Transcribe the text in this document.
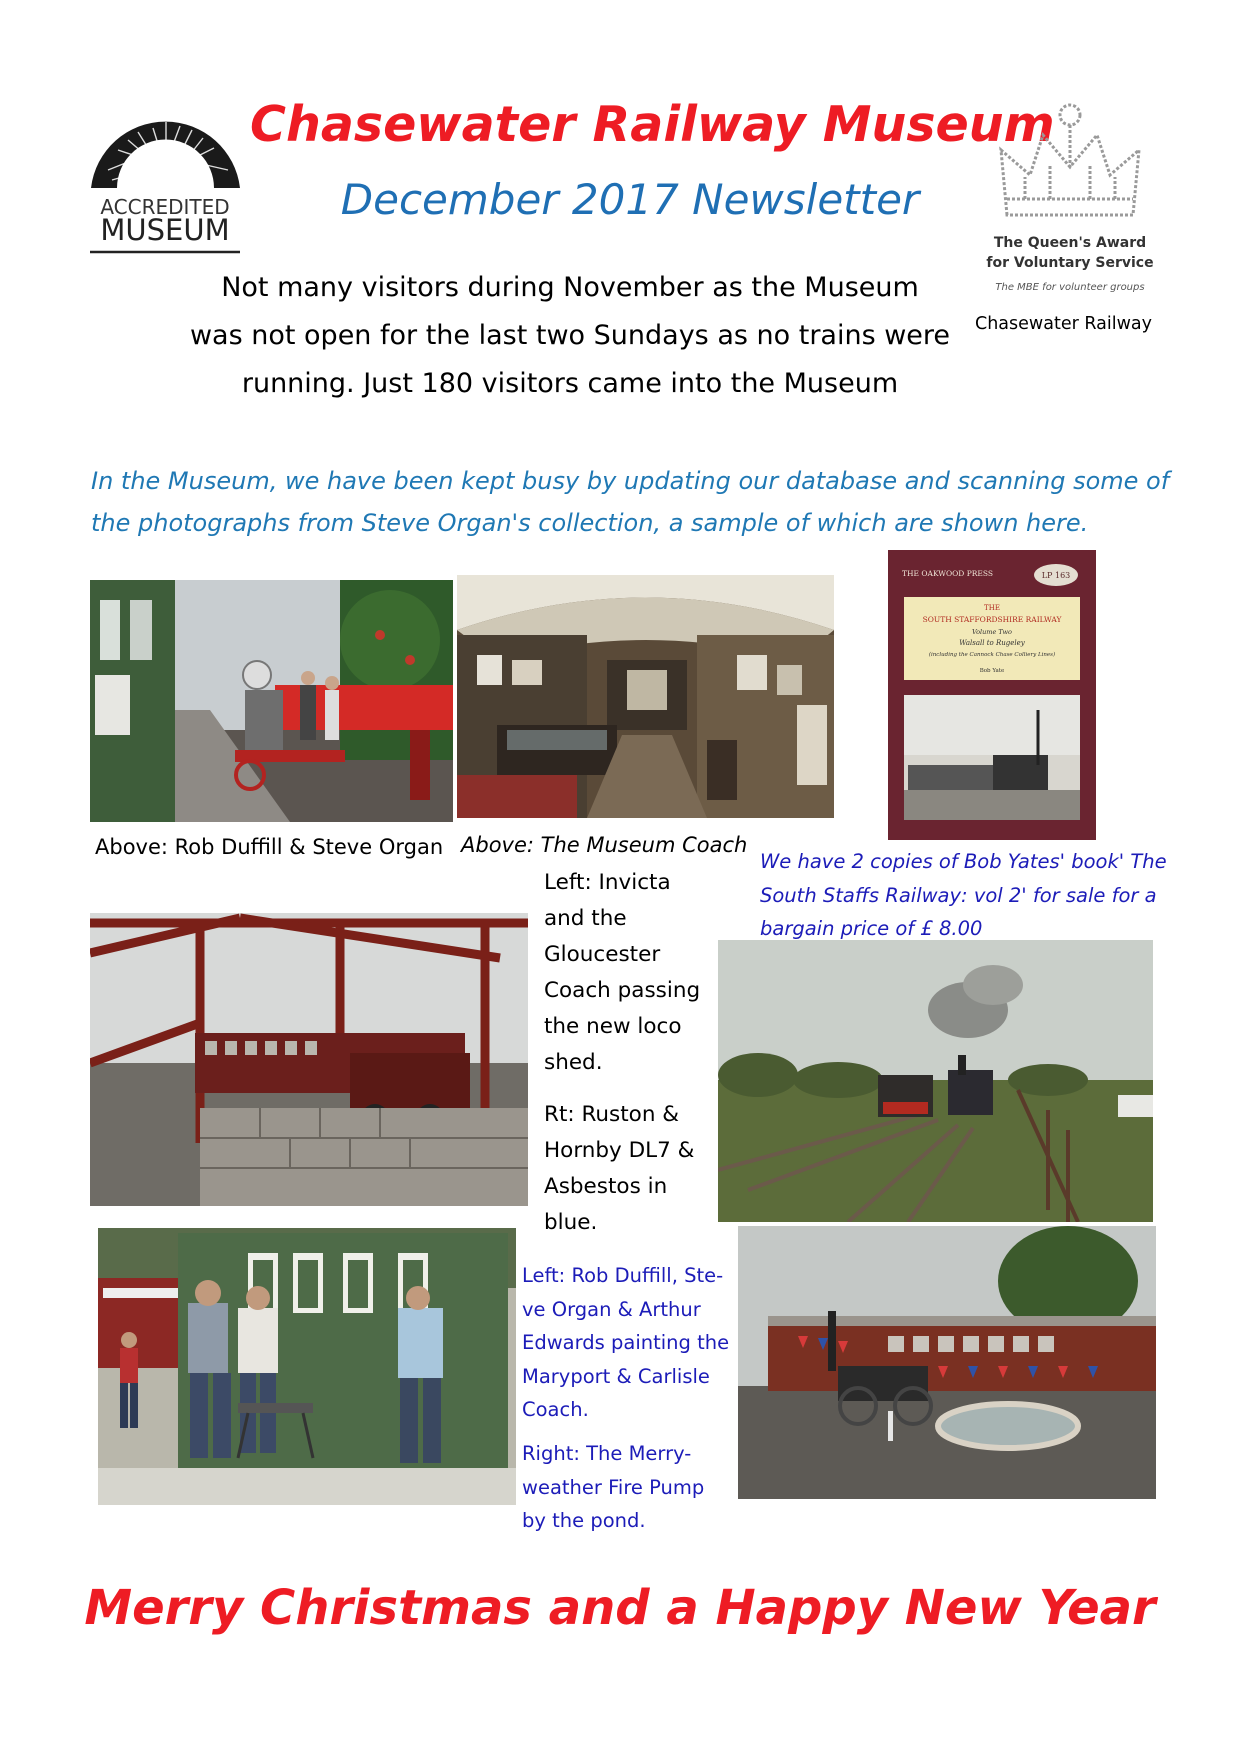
ACCREDITED
MUSEUM
Chasewater Railway Museum
December 2017 Newsletter
The Queen's Award
for Voluntary Service
The MBE for volunteer groups
Chasewater Railway
Not many visitors during November as the Museum
was not open for the last two Sundays as no trains were
running. Just 180 visitors came into the Museum
In the Museum, we have been kept busy by updating our database and scanning some of
the photographs from Steve Organ's collection, a sample of which are shown here.
Above: Rob Duffill & Steve Organ Above: The Museum Coach
THE OAKWOOD PRESS	LP 163
THE
SOUTH STAFFORDSHIRE RAILWAY
Volume Two
Walsall to Rugeley
(including the Cannock Chase Colliery Lines)
Bob Yate
We have 2 copies of Bob Yates' book' The
South Staffs Railway: vol 2' for sale for a
bargain price of £ 8.00
Left: Invicta
and the
Gloucester
Coach passing
the new loco
shed.
Rt: Ruston &
Hornby DL7 &
Asbestos in
blue.
Left: Rob Duffill, Ste-
ve Organ & Arthur
Edwards painting the
Maryport & Carlisle
Coach.
Right: The Merry-
weather Fire Pump
by the pond.
Merry Christmas and a Happy New Year
